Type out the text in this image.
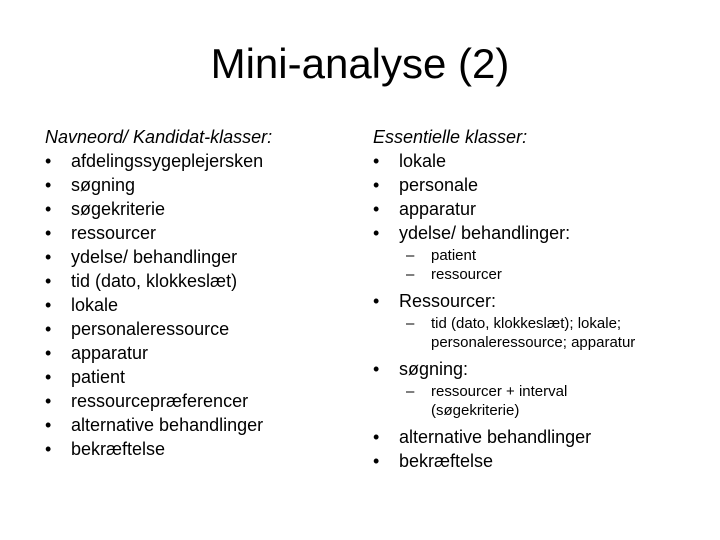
Mini-analyse (2)
Navneord/ Kandidat-klasser:
•	afdelingssygeplejersken
•	søgning
•	søgekriterie
•	ressourcer
•	ydelse/ behandlinger
•	tid (dato, klokkeslæt)
•	lokale
•	personaleressource
•	apparatur
•	patient
•	ressourcepræferencer
•	alternative behandlinger
•	bekræftelse
Essentielle klasser:
•	lokale
•	personale
•	apparatur
•	ydelse/ behandlinger:
– patient
– ressourcer
•	Ressourcer:
– tid (dato, klokkeslæt); lokale;
personaleressource; apparatur
•	søgning:
– ressourcer + interval
(søgekriterie)
•	alternative behandlinger
•	bekræftelse
